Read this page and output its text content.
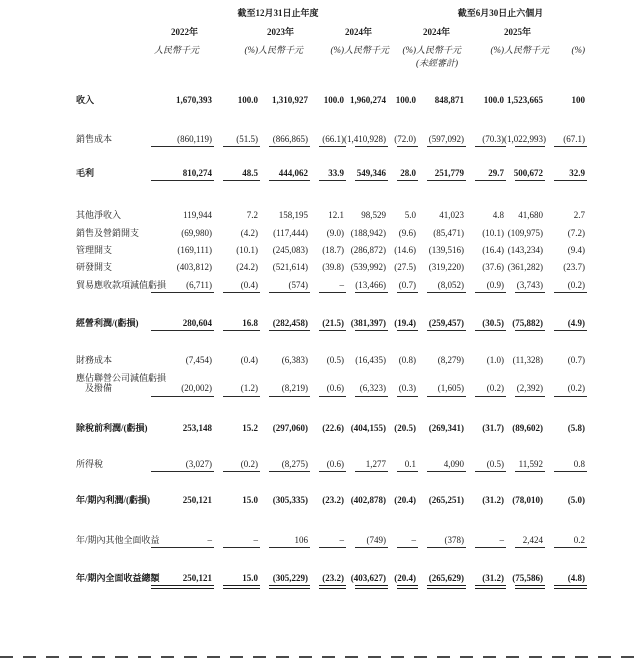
截至12月31日止年度	截至6月30日止六個月
2022年	2023年	2024年	2024年	2025年
人民幣千元	(%) 人民幣千元	(%) 人民幣千元	(%) 人民幣千元	(%) 人民幣千元	(%)
(未經審計)
收入	1,670,393	100.0	1,310,927	100.0 1,960,274	100.0	848,871	100.0 1,523,665	100
銷售成本	(860,119)	(51.5)	(866,865)	(66.1) (1,410,928) (72.0)	(597,092)	(70.3) (1,022,993)	(67.1)
毛利	810,274	48.5	444,062	33.9	549,346	28.0	251,779	29.7	500,672	32.9
其他淨收入	119,944	7.2	158,195	12.1	98,529	5.0	41,023	4.8	41,680	2.7
銷售及營銷開支	(69,980)	(4.2)	(117,444)	(9.0) (188,942)	(9.6)	(85,471)	(10.1) (109,975)	(7.2)
管理開支	(169,111)	(10.1)	(245,083)	(18.7) (286,872) (14.6)	(139,516)	(16.4) (143,234)	(9.4)
研發開支	(403,812)	(24.2)	(521,614)	(39.8) (539,992) (27.5)	(319,220)	(37.6) (361,282)	(23.7)
貿易應收款項減值虧損	(6,711)	(0.4)	(574)	–	(13,466)	(0.7)	(8,052)	(0.9)	(3,743)	(0.2)
經營利潤/(虧損)	280,604	16.8	(282,458)	(21.5) (381,397) (19.4)	(259,457)	(30.5) (75,882)	(4.9)
財務成本	(7,454)	(0.4)	(6,383)	(0.5)	(16,435)	(0.8)	(8,279)	(1.0) (11,328)	(0.7)
應佔聯營公司減值虧損
及撥備	(20,002)	(1.2)	(8,219)	(0.6)	(6,323)	(0.3)	(1,605)	(0.2)	(2,392)	(0.2)
除稅前利潤/(虧損)	253,148	15.2	(297,060)	(22.6) (404,155) (20.5)	(269,341)	(31.7) (89,602)	(5.8)
所得稅	(3,027)	(0.2)	(8,275)	(0.6)	1,277	0.1	4,090	(0.5)	11,592	0.8
年/期內利潤/(虧損)	250,121	15.0	(305,335)	(23.2) (402,878) (20.4)	(265,251)	(31.2) (78,010)	(5.0)
年/期內其他全面收益	–	–	106	–	(749)	–	(378)	–	2,424	0.2
年/期內全面收益總額	250,121	15.0	(305,229)	(23.2) (403,627) (20.4)	(265,629)	(31.2) (75,586)	(4.8)
